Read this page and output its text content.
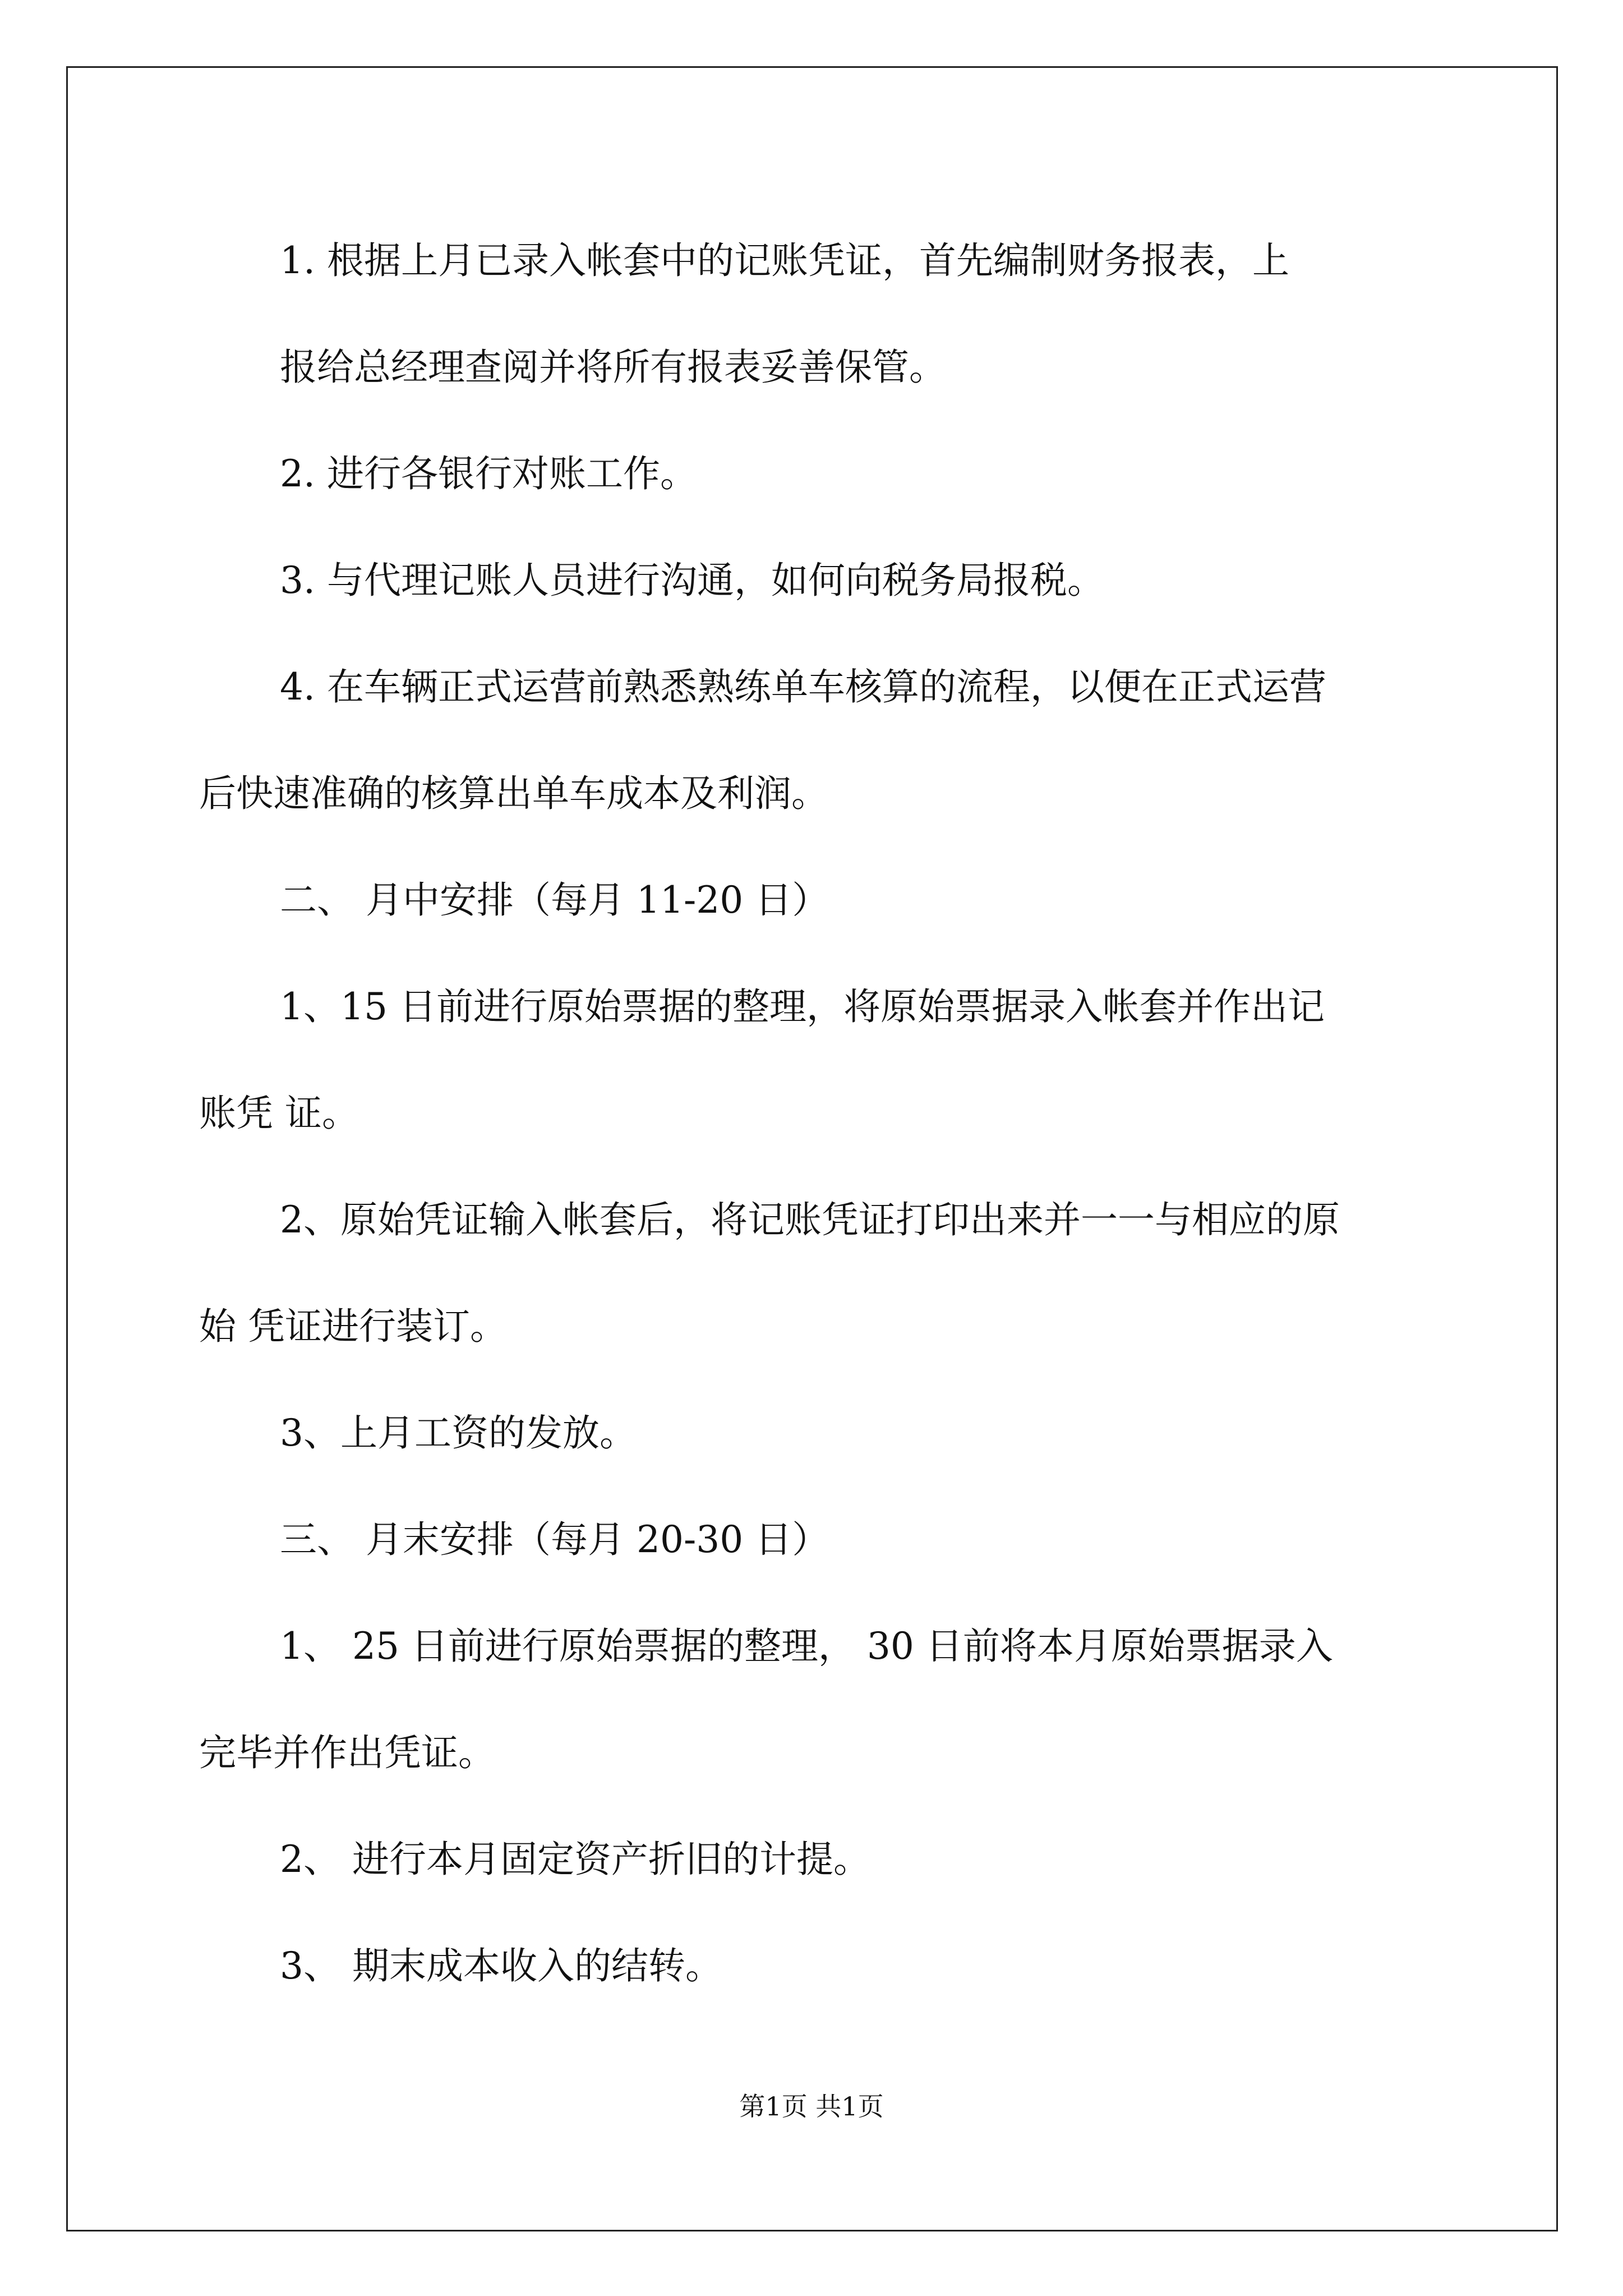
1. 根据上月已录入帐套中的记账凭证，首先编制财务报表，上

报给总经理查阅并将所有报表妥善保管。

2. 进行各银行对账工作。

3. 与代理记账人员进行沟通，如何向税务局报税。

4. 在车辆正式运营前熟悉熟练单车核算的流程，以便在正式运营

后快速准确的核算出单车成本及利润。

二、 月中安排（每月 11-20 日）

1、15 日前进行原始票据的整理，将原始票据录入帐套并作出记

账凭 证。

2、原始凭证输入帐套后，将记账凭证打印出来并一一与相应的原

始 凭证进行装订。

3、上月工资的发放。

三、 月末安排（每月 20-30 日）

1、 25 日前进行原始票据的整理， 30 日前将本月原始票据录入

完毕并作出凭证。

2、 进行本月固定资产折旧的计提。

3、 期末成本收入的结转。

第1页 共1页
